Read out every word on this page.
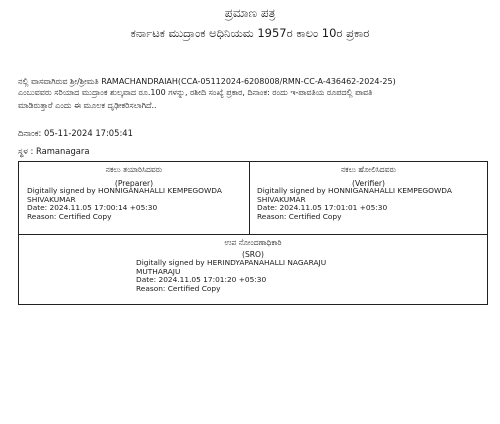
ಪ್ರಮಾಣ ಪತ್ರ
ಕರ್ನಾಟಕ ಮುದ್ರಾಂಕ ಅಧಿನಿಯಮ 1957ರ ಕಾಲಂ 10ರ ಪ್ರಕಾರ
ನಲ್ಲಿ ವಾಸವಾಗಿರುವ ಶ್ರೀ/ಶ್ರೀಮತಿ RAMACHANDRAIAH(CCA-05112024-6208008/RMN-CC-A-436462-2024-25)
ಎಂಬುವವರು ಸರಿಯಾದ ಮುದ್ರಾಂಕ ಶುಲ್ಕವಾದ ರೂ.100 ಗಳನ್ನು, ರಶೀದಿ ಸಂಖ್ಯೆ ಪ್ರಕಾರ, ದಿನಾಂಕ: ರಂದು ಇ-ಪಾವತಿಯ ರೂಪದಲ್ಲಿ ಪಾವತಿ
ಮಾಡಿರುತ್ತಾರೆ ಎಂದು ಈ ಮೂಲಕ ದೃಢೀಕರಿಸಲಾಗಿದೆ..
ದಿನಾಂಕ: 05-11-2024 17:05:41
ಸ್ಥಳ : Ramanagara
ನಕಲು ತಯಾರಿಸಿದವರು
(Preparer)
Digitally signed by HONNIGANAHALLI KEMPEGOWDA
SHIVAKUMAR
Date: 2024.11.05 17:00:14 +05:30
Reason: Certified Copy
ನಕಲು ಹೋಲಿಸಿದವರು
(Verifier)
Digitally signed by HONNIGANAHALLI KEMPEGOWDA
SHIVAKUMAR
Date: 2024.11.05 17:01:01 +05:30
Reason: Certified Copy
ಉಪ ನೋಂದಣಾಧಿಕಾರಿ
(SRO)
Digitally signed by HERINDYAPANAHALLI NAGARAJU
MUTHARAJU
Date: 2024.11.05 17:01:20 +05:30
Reason: Certified Copy
